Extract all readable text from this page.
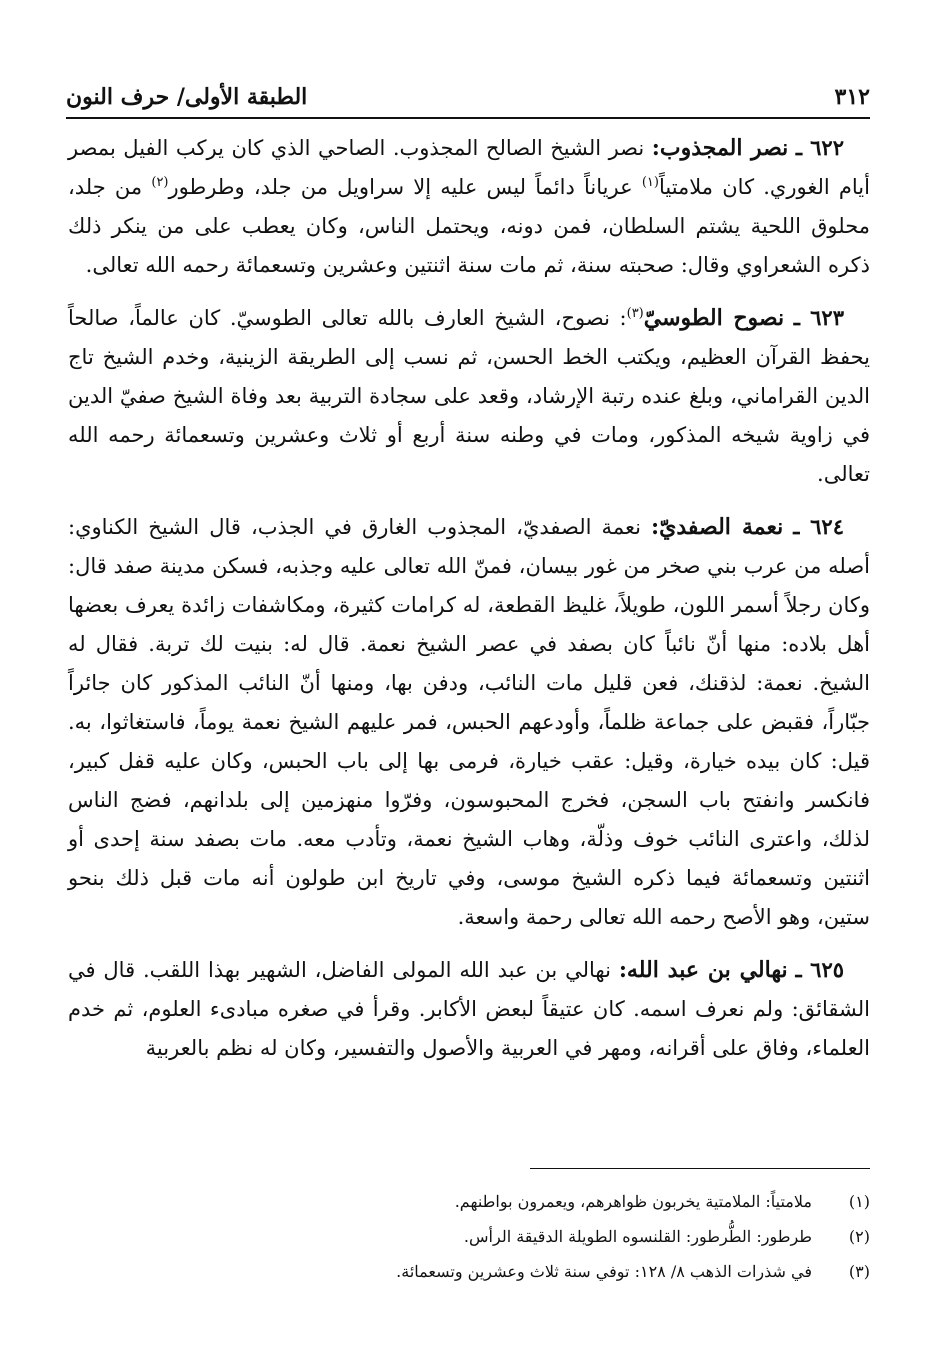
٣١٢
الطبقة الأولى/ حرف النون

٦٢٢ ـ نصر المجذوب: نصر الشيخ الصالح المجذوب. الصاحي الذي كان يركب الفيل بمصر أيام الغوري. كان ملامتياً$^{(١)}$ عرياناً دائماً ليس عليه إلا سراويل من جلد، وطرطور$^{(٢)}$ من جلد، محلوق اللحية يشتم السلطان، فمن دونه، ويحتمل الناس، وكان يعطب على من ينكر ذلك ذكره الشعراوي وقال: صحبته سنة، ثم مات سنة اثنتين وعشرين وتسعمائة رحمه الله تعالى.

٦٢٣ ـ نصوح الطوسيّ$^{(٣)}$: نصوح، الشيخ العارف بالله تعالى الطوسيّ. كان عالماً، صالحاً يحفظ القرآن العظيم، ويكتب الخط الحسن، ثم نسب إلى الطريقة الزينية، وخدم الشيخ تاج الدين القراماني، وبلغ عنده رتبة الإرشاد، وقعد على سجادة التربية بعد وفاة الشيخ صفيّ الدين في زاوية شيخه المذكور، ومات في وطنه سنة أربع أو ثلاث وعشرين وتسعمائة رحمه الله تعالى.

٦٢٤ ـ نعمة الصفديّ: نعمة الصفديّ، المجذوب الغارق في الجذب، قال الشيخ الكناوي: أصله من عرب بني صخر من غور بيسان، فمنّ الله تعالى عليه وجذبه، فسكن مدينة صفد قال: وكان رجلاً أسمر اللون، طويلاً، غليظ القطعة، له كرامات كثيرة، ومكاشفات زائدة يعرف بعضها أهل بلاده: منها أنّ نائباً كان بصفد في عصر الشيخ نعمة. قال له: بنيت لك تربة. فقال له الشيخ. نعمة: لذقنك، فعن قليل مات النائب، ودفن بها، ومنها أنّ النائب المذكور كان جائراً جبّاراً، فقبض على جماعة ظلماً، وأودعهم الحبس، فمر عليهم الشيخ نعمة يوماً، فاستغاثوا، به. قيل: كان بيده خيارة، وقيل: عقب خيارة، فرمى بها إلى باب الحبس، وكان عليه قفل كبير، فانكسر وانفتح باب السجن، فخرج المحبوسون، وفرّوا منهزمين إلى بلدانهم، فضج الناس لذلك، واعترى النائب خوف وذلّة، وهاب الشيخ نعمة، وتأدب معه. مات بصفد سنة إحدى أو اثنتين وتسعمائة فيما ذكره الشيخ موسى، وفي تاريخ ابن طولون أنه مات قبل ذلك بنحو ستين، وهو الأصح رحمه الله تعالى رحمة واسعة.

٦٢٥ ـ نهالي بن عبد الله: نهالي بن عبد الله المولى الفاضل، الشهير بهذا اللقب. قال في الشقائق: ولم نعرف اسمه. كان عتيقاً لبعض الأكابر. وقرأ في صغره مبادىء العلوم، ثم خدم العلماء، وفاق على أقرانه، ومهر في العربية والأصول والتفسير، وكان له نظم بالعربية

(١)
ملامتياً: الملامتية يخربون ظواهرهم، ويعمرون بواطنهم.
(٢)
طرطور: الطُّرطور: القلنسوه الطويلة الدقيقة الرأس.
(٣)
في شذرات الذهب ٨/ ١٢٨: توفي سنة ثلاث وعشرين وتسعمائة.
